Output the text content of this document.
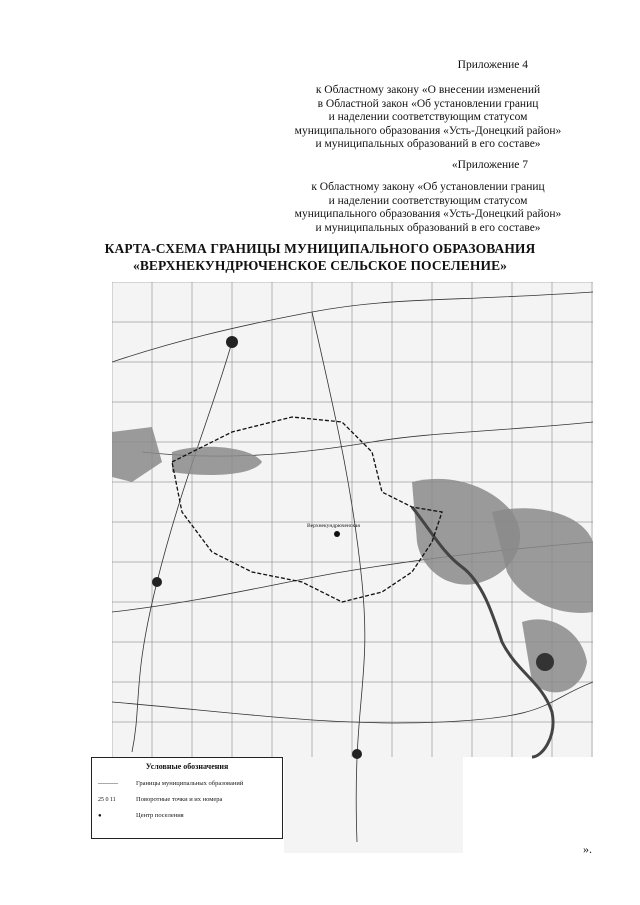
Приложение 4
к Областному закону «О внесении изменений
в Областной закон «Об установлении границ
и наделении соответствующим статусом
муниципального образования «Усть-Донецкий район»
и муниципальных образований в его составе»
«Приложение 7
к Областному закону «Об установлении границ
и наделении соответствующим статусом
муниципального образования «Усть-Донецкий район»
и муниципальных образований в его составе»
КАРТА-СХЕМА ГРАНИЦЫ МУНИЦИПАЛЬНОГО ОБРАЗОВАНИЯ
«ВЕРХНЕКУНДРЮЧЕНСКОЕ СЕЛЬСКОЕ ПОСЕЛЕНИЕ»
Верхнекундрюченская
Условные обозначения
----------	Границы муниципальных образований
25 0 11	Поворотные точки и их номера
●	Центр поселения
».
